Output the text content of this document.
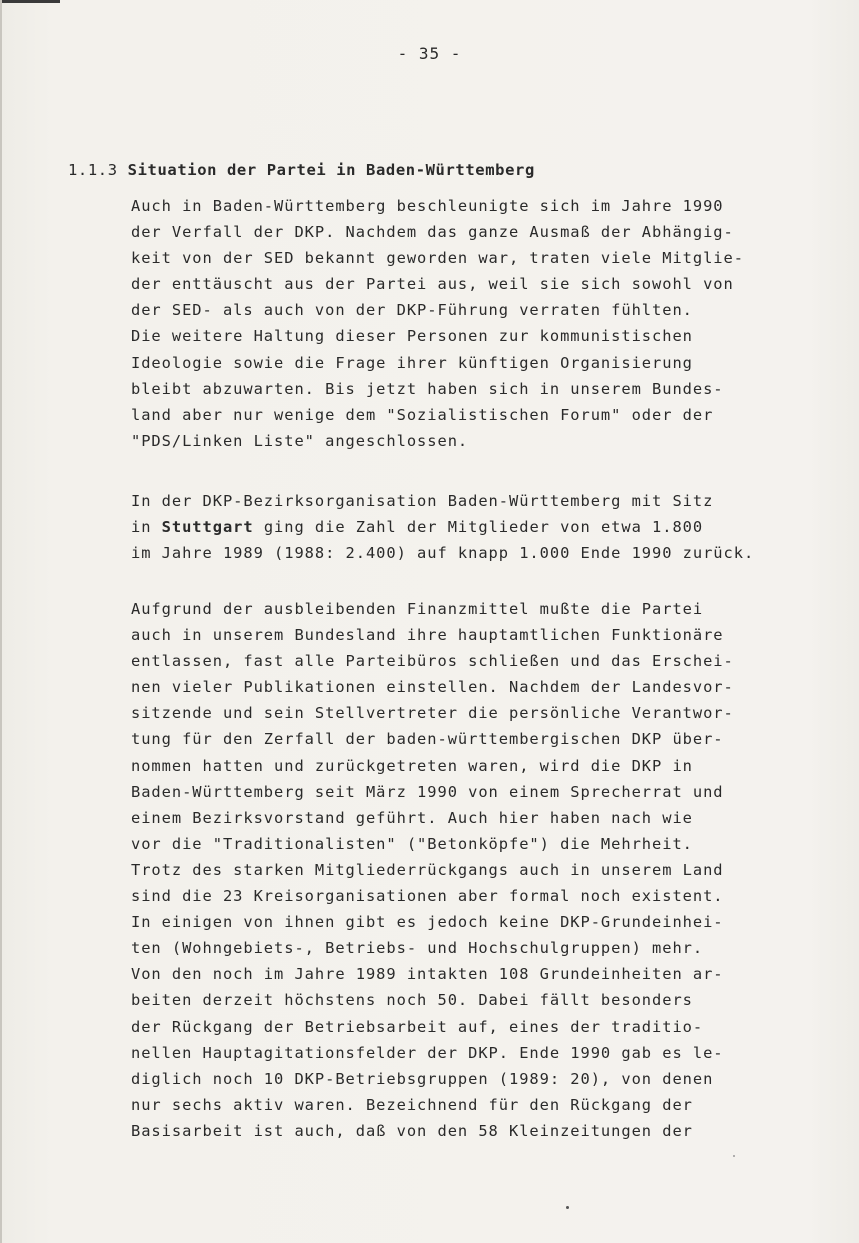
- 35 -
1.1.3 Situation der Partei in Baden-Württemberg
Auch in Baden-Württemberg beschleunigte sich im Jahre 1990
der Verfall der DKP. Nachdem das ganze Ausmaß der Abhängig-
keit von der SED bekannt geworden war, traten viele Mitglie-
der enttäuscht aus der Partei aus, weil sie sich sowohl von
der SED- als auch von der DKP-Führung verraten fühlten.
Die weitere Haltung dieser Personen zur kommunistischen
Ideologie sowie die Frage ihrer künftigen Organisierung
bleibt abzuwarten. Bis jetzt haben sich in unserem Bundes-
land aber nur wenige dem "Sozialistischen Forum" oder der
"PDS/Linken Liste" angeschlossen.
In der DKP-Bezirksorganisation Baden-Württemberg mit Sitz
in Stuttgart ging die Zahl der Mitglieder von etwa 1.800
im Jahre 1989 (1988: 2.400) auf knapp 1.000 Ende 1990 zurück.
Aufgrund der ausbleibenden Finanzmittel mußte die Partei
auch in unserem Bundesland ihre hauptamtlichen Funktionäre
entlassen, fast alle Parteibüros schließen und das Erschei-
nen vieler Publikationen einstellen. Nachdem der Landesvor-
sitzende und sein Stellvertreter die persönliche Verantwor-
tung für den Zerfall der baden-württembergischen DKP über-
nommen hatten und zurückgetreten waren, wird die DKP in
Baden-Württemberg seit März 1990 von einem Sprecherrat und
einem Bezirksvorstand geführt. Auch hier haben nach wie
vor die "Traditionalisten" ("Betonköpfe") die Mehrheit.
Trotz des starken Mitgliederrückgangs auch in unserem Land
sind die 23 Kreisorganisationen aber formal noch existent.
In einigen von ihnen gibt es jedoch keine DKP-Grundeinhei-
ten (Wohngebiets-, Betriebs- und Hochschulgruppen) mehr.
Von den noch im Jahre 1989 intakten 108 Grundeinheiten ar-
beiten derzeit höchstens noch 50. Dabei fällt besonders
der Rückgang der Betriebsarbeit auf, eines der traditio-
nellen Hauptagitationsfelder der DKP. Ende 1990 gab es le-
diglich noch 10 DKP-Betriebsgruppen (1989: 20), von denen
nur sechs aktiv waren. Bezeichnend für den Rückgang der
Basisarbeit ist auch, daß von den 58 Kleinzeitungen der
